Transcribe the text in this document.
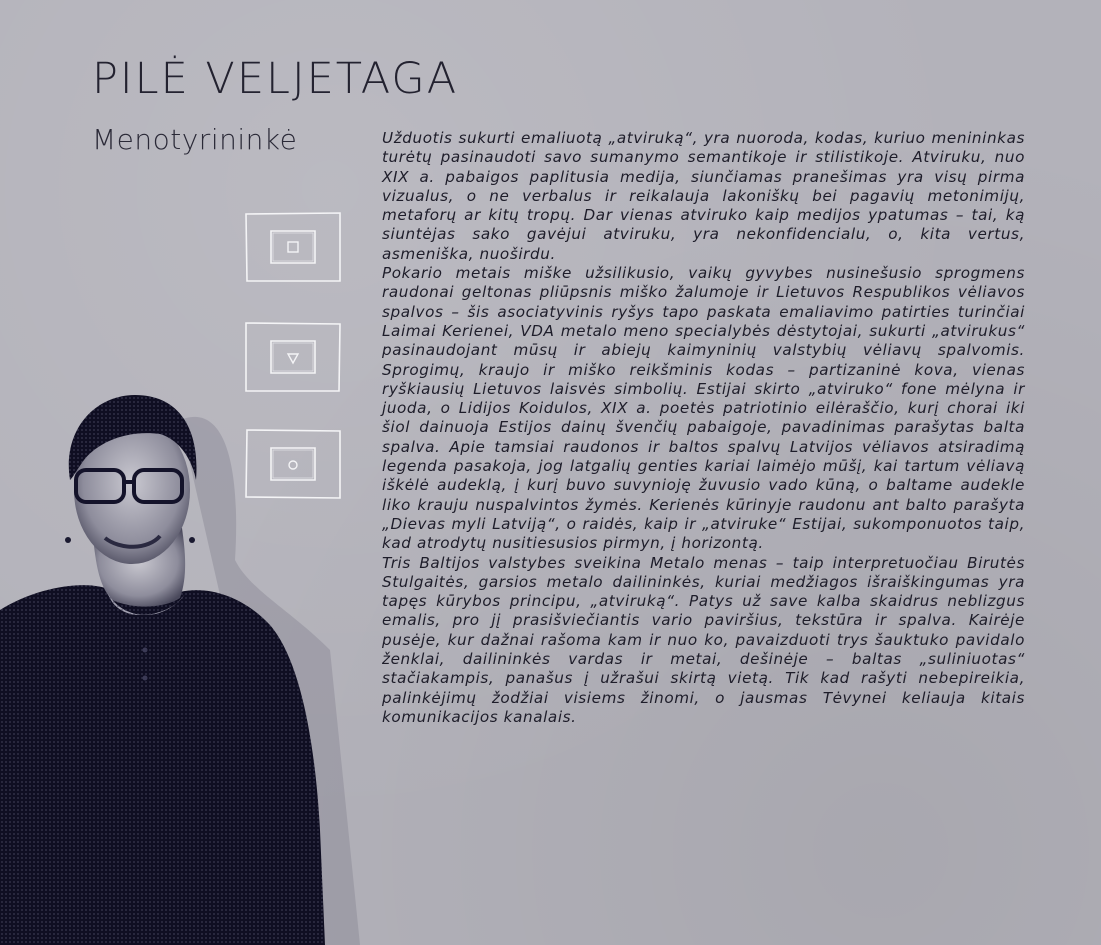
PILĖ VELJETAGA
Menotyrininkė	Užduotis sukurti emaliuotą „atviruką“, yra nuoroda, kodas, kuriuo menininkas turėtų pasinaudoti savo sumanymo semantikoje ir stilistikoje. Atviruku, nuo XIX a. pabaigos paplitusia medija, siunčiamas pranešimas yra visų pirma vizualus, o ne verbalus ir reikalauja lakoniškų bei pagavių metonimijų, metaforų ar kitų tropų. Dar vienas atviruko kaip medijos ypatumas – tai, ką siuntėjas sako gavėjui atviruku, yra nekonfidencialu, o, kita vertus, asmeniška, nuoširdu.

Pokario metais miške užsilikusio, vaikų gyvybes nusinešusio sprogmens raudonai geltonas pliūpsnis miško žalumoje ir Lietuvos Respublikos vėliavos spalvos – šis asociatyvinis ryšys tapo paskata emaliavimo patirties turinčiai Laimai Kerienei, VDA metalo meno specialybės dėstytojai, sukurti „atvirukus“ pasinaudojant mūsų ir abiejų kaimyninių valstybių vėliavų spalvomis. Sprogimų, kraujo ir miško reikšminis kodas – partizaninė kova, vienas ryškiausių Lietuvos laisvės simbolių. Estijai skirto „atviruko“ fone mėlyna ir juoda, o Lidijos Koidulos, XIX a. poetės patriotinio eilėraščio, kurį chorai iki šiol dainuoja Estijos dainų švenčių pabaigoje, pavadinimas parašytas balta spalva. Apie tamsiai raudonos ir baltos spalvų Latvijos vėliavos atsiradimą legenda pasakoja, jog latgalių genties kariai laimėjo mūšį, kai tartum vėliavą iškėlė audeklą, į kurį buvo suvynioję žuvusio vado kūną, o baltame audekle liko krauju nuspalvintos žymės. Kerienės kūrinyje raudonu ant balto parašyta „Dievas myli Latviją“, o raidės, kaip ir „atviruke“ Estijai, sukomponuotos taip, kad atrodytų nusitiesusios pirmyn, į horizontą.

Tris Baltijos valstybes sveikina Metalo menas – taip interpretuočiau Birutės Stulgaitės, garsios metalo dailininkės, kuriai medžiagos išraiškingumas yra tapęs kūrybos principu, „atviruką“. Patys už save kalba skaidrus neblizgus emalis, pro jį prasišviečiantis vario paviršius, tekstūra ir spalva. Kairėje pusėje, kur dažnai rašoma kam ir nuo ko, pavaizduoti trys šauktuko pavidalo ženklai, dailininkės vardas ir metai, dešinėje – baltas „suliniuotas“ stačiakampis, panašus į užrašui skirtą vietą. Tik kad rašyti nebepireikia, palinkėjimų žodžiai visiems žinomi, o jausmas Tėvynei keliauja kitais komunikacijos kanalais.
